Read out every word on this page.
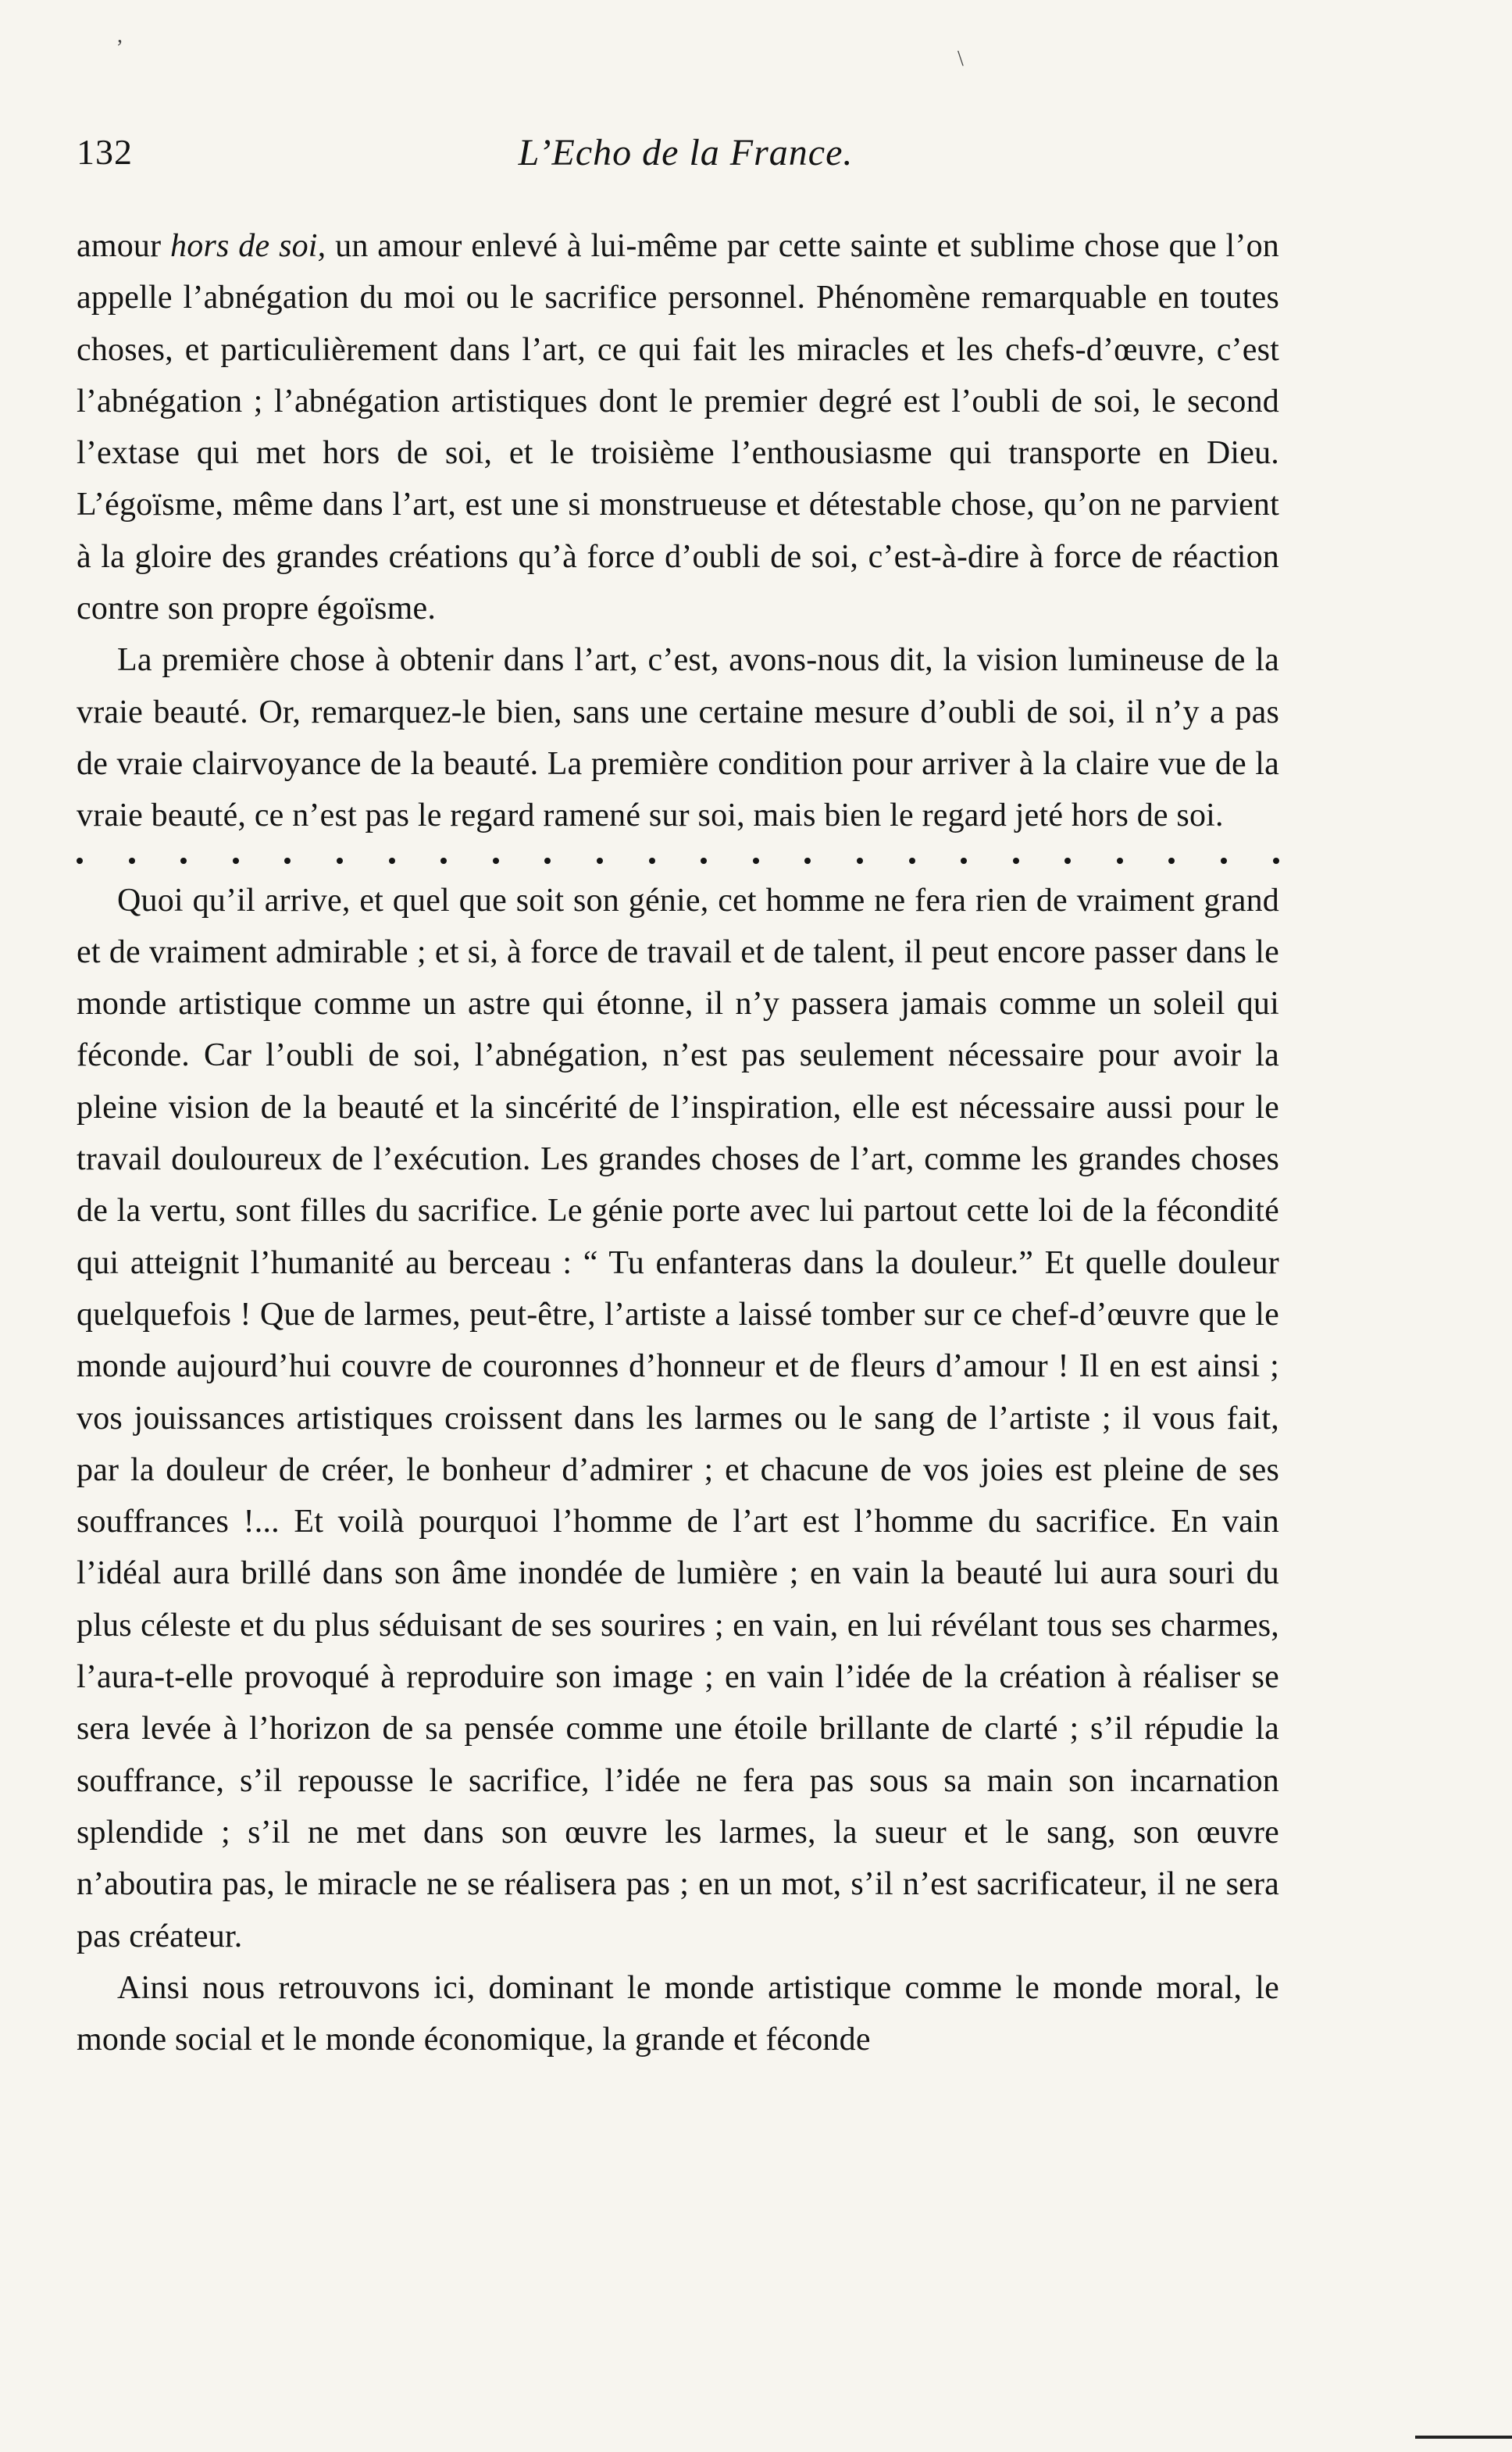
,
\
132	L’Echo de la France.

amour hors de soi, un amour enlevé à lui-même par cette sainte et sublime chose que l’on appelle l’abnégation du moi ou le sacrifice personnel. Phénomène remarquable en toutes choses, et particulièrement dans l’art, ce qui fait les miracles et les chefs-d’œuvre, c’est l’abnégation ; l’abnégation artistiques dont le premier degré est l’oubli de soi, le second l’extase qui met hors de soi, et le troisième l’enthousiasme qui transporte en Dieu. L’égoïsme, même dans l’art, est une si monstrueuse et détestable chose, qu’on ne parvient à la gloire des grandes créations qu’à force d’oubli de soi, c’est-à-dire à force de réaction contre son propre égoïsme.

La première chose à obtenir dans l’art, c’est, avons-nous dit, la vision lumineuse de la vraie beauté. Or, remarquez-le bien, sans une certaine mesure d’oubli de soi, il n’y a pas de vraie clairvoyance de la beauté. La première condition pour arriver à la claire vue de la vraie beauté, ce n’est pas le regard ramené sur soi, mais bien le regard jeté hors de soi.

Quoi qu’il arrive, et quel que soit son génie, cet homme ne fera rien de vraiment grand et de vraiment admirable ; et si, à force de travail et de talent, il peut encore passer dans le monde artistique comme un astre qui étonne, il n’y passera jamais comme un soleil qui féconde. Car l’oubli de soi, l’abnégation, n’est pas seulement nécessaire pour avoir la pleine vision de la beauté et la sincérité de l’inspiration, elle est nécessaire aussi pour le travail douloureux de l’exécution. Les grandes choses de l’art, comme les grandes choses de la vertu, sont filles du sacrifice. Le génie porte avec lui partout cette loi de la fécondité qui atteignit l’humanité au berceau : “ Tu enfanteras dans la douleur.” Et quelle douleur quelquefois ! Que de larmes, peut-être, l’artiste a laissé tomber sur ce chef-d’œuvre que le monde aujourd’hui couvre de couronnes d’honneur et de fleurs d’amour ! Il en est ainsi ; vos jouissances artistiques croissent dans les larmes ou le sang de l’artiste ; il vous fait, par la douleur de créer, le bonheur d’admirer ; et chacune de vos joies est pleine de ses souffrances !... Et voilà pourquoi l’homme de l’art est l’homme du sacrifice. En vain l’idéal aura brillé dans son âme inondée de lumière ; en vain la beauté lui aura souri du plus céleste et du plus séduisant de ses sourires ; en vain, en lui révélant tous ses charmes, l’aura-t-elle provoqué à reproduire son image ; en vain l’idée de la création à réaliser se sera levée à l’horizon de sa pensée comme une étoile brillante de clarté ; s’il répudie la souffrance, s’il repousse le sacrifice, l’idée ne fera pas sous sa main son incarnation splendide ; s’il ne met dans son œuvre les larmes, la sueur et le sang, son œuvre n’aboutira pas, le miracle ne se réalisera pas ; en un mot, s’il n’est sacrificateur, il ne sera pas créateur.

Ainsi nous retrouvons ici, dominant le monde artistique comme le monde moral, le monde social et le monde économique, la grande et féconde
